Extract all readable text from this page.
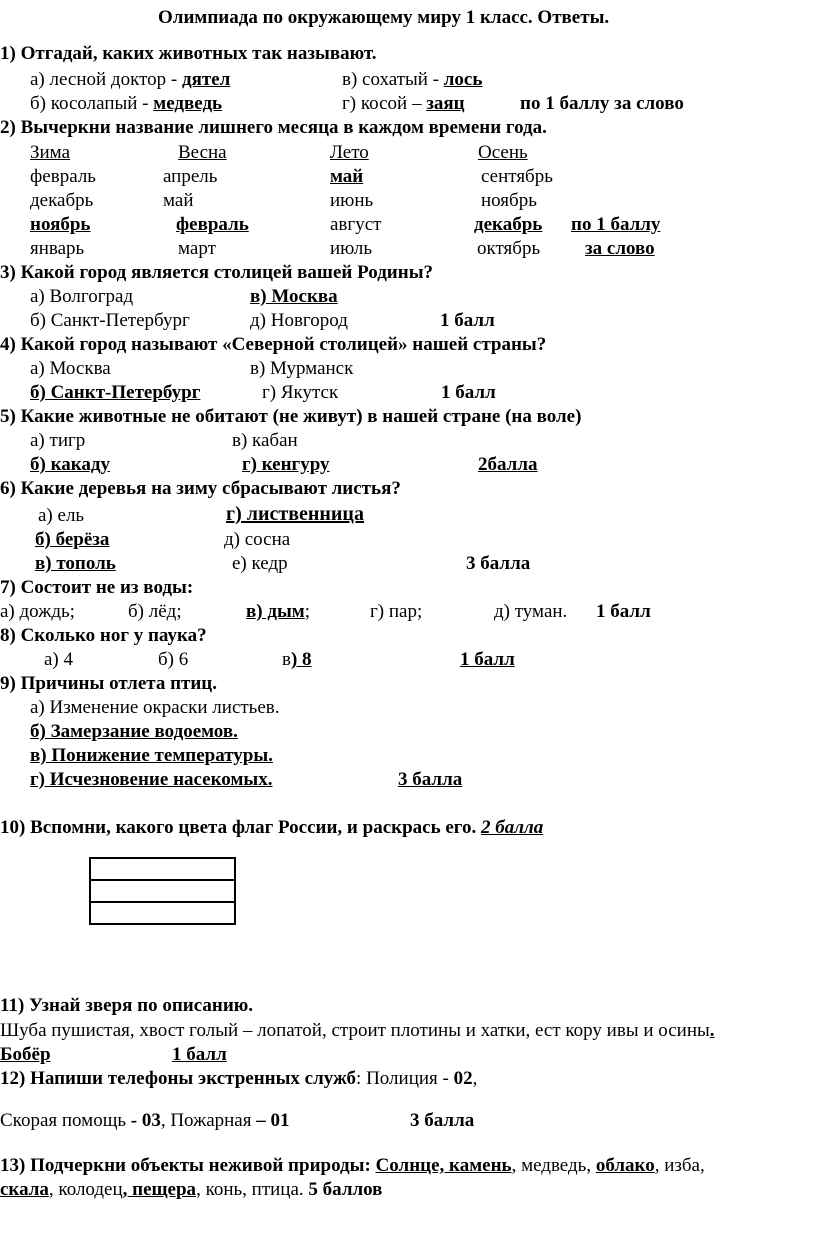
Олимпиада по окружающему миру 1 класс. Ответы.
1) Отгадай, каких животных так называют.
а) лесной доктор - дятел	в) сохатый - лось
б) косолапый - медведь	г) косой – заяц	по 1 баллу за слово
2) Вычеркни название лишнего месяца в каждом времени года.
Зима	Весна	Лето	Осень
февраль	апрель	май	сентябрь
декабрь	май	июнь	ноябрь
ноябрь	февраль	август	декабрь по 1 баллу
январь	март	июль	октябрь за слово
3) Какой город является столицей вашей Родины?
а) Волгоград	в) Москва
б) Санкт-Петербург	д) Новгород	1 балл
4) Какой город называют «Северной столицей» нашей страны?
а) Москва	в) Мурманск
б) Санкт-Петербург	г) Якутск	1 балл
5) Какие животные не обитают (не живут) в нашей стране (на воле)
а) тигр	в) кабан
б) какаду	г) кенгуру	2балла
6) Какие деревья на зиму сбрасывают листья?
а) ель	г) лиственница
б) берёза	д) сосна
в) тополь	е) кедр	3 балла
7) Состоит не из воды:
а) дождь;	б) лёд;	в) дым;	г) пар;	д) туман. 1 балл
8) Сколько ног у паука?
а) 4	б) 6	в) 8	1 балл
9) Причины отлета птиц.
а) Изменение окраски листьев.
б) Замерзание водоемов.
в) Понижение температуры.
г) Исчезновение насекомых.	3 балла
10) Вспомни, какого цвета флаг России, и раскрась его. 2 балла
11) Узнай зверя по описанию.
Шуба пушистая, хвост голый – лопатой, строит плотины и хатки, ест кору ивы и осины.
Бобёр	1 балл
12) Напиши телефоны экстренных служб: Полиция - 02,
Скорая помощь - 03, Пожарная – 01	3 балла
13) Подчеркни объекты неживой природы: Солнце, камень, медведь, облако, изба,
скала, колодец, пещера, конь, птица. 5 баллов
